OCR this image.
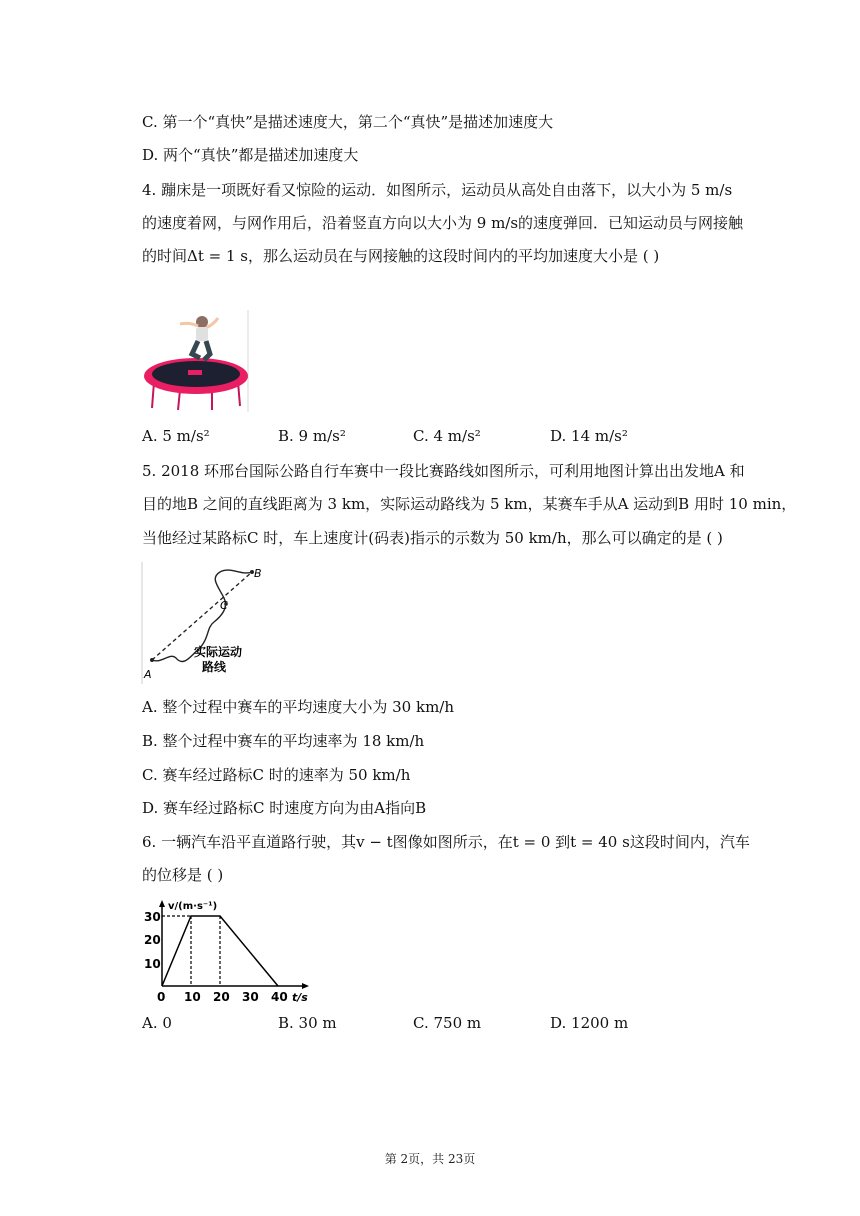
C. 第一个“真快”是描述速度大，第二个“真快”是描述加速度大
D. 两个“真快”都是描述加速度大
4. 蹦床是一项既好看又惊险的运动．如图所示，运动员从高处自由落下，以大小为 5 m/s
的速度着网，与网作用后，沿着竖直方向以大小为 9 m/s的速度弹回．已知运动员与网接触
的时间Δt = 1 s，那么运动员在与网接触的这段时间内的平均加速度大小是 ( )
A. 5 m/s²	B. 9 m/s²	C. 4 m/s²	D. 14 m/s²
5. 2018 环邢台国际公路自行车赛中一段比赛路线如图所示，可利用地图计算出出发地A 和
目的地B 之间的直线距离为 3 km，实际运动路线为 5 km，某赛车手从A 运动到B 用时 10 min，
当他经过某路标C 时，车上速度计(码表)指示的示数为 50 km/h，那么可以确定的是 ( )
A
B
C
实际运动
路线
A. 整个过程中赛车的平均速度大小为 30 km/h
B. 整个过程中赛车的平均速率为 18 km/h
C. 赛车经过路标C 时的速率为 50 km/h
D. 赛车经过路标C 时速度方向为由A指向B
6. 一辆汽车沿平直道路行驶，其v − t图像如图所示，在t = 0 到t = 40 s这段时间内，汽车
的位移是 ( )
10
20
30
0 10 20 30 40
v/(m·s⁻¹)
t/s
A. 0	B. 30 m	C. 750 m	D. 1200 m
第 2页，共 23页
